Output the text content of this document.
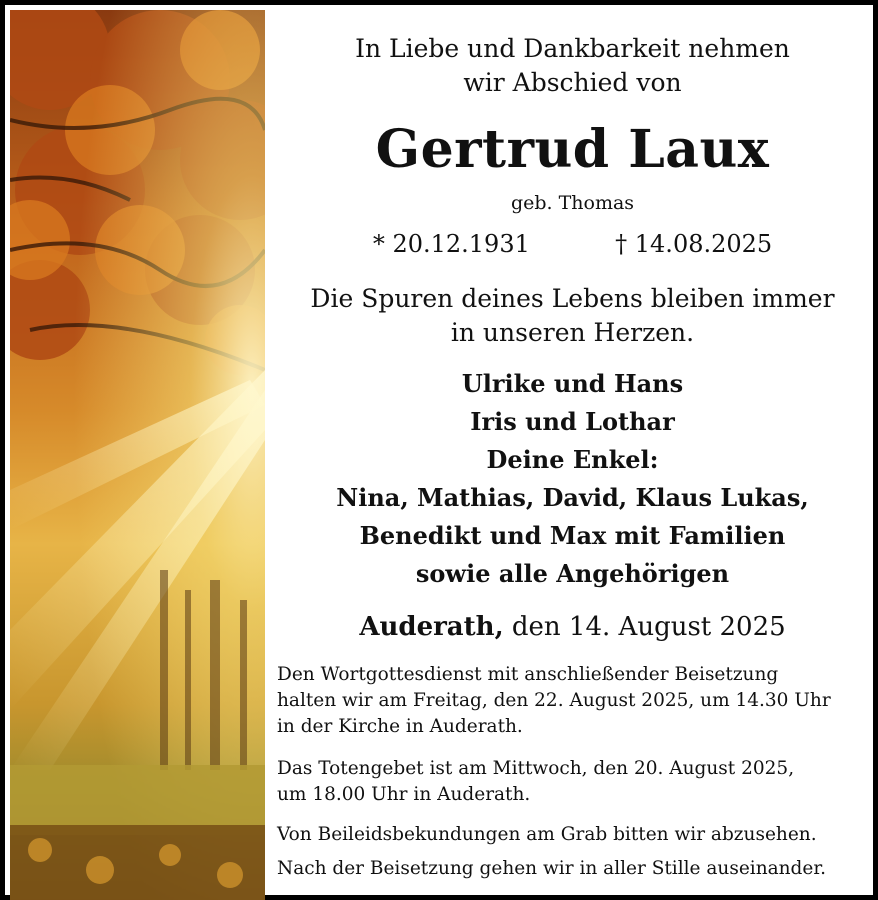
In Liebe und Dankbarkeit nehmen
wir Abschied von
Gertrud Laux
geb. Thomas
* 20.12.1931	† 14.08.2025
Die Spuren deines Lebens bleiben immer
in unseren Herzen.
Ulrike und Hans
Iris und Lothar
Deine Enkel:
Nina, Mathias, David, Klaus Lukas,
Benedikt und Max mit Familien
sowie alle Angehörigen
Auderath, den 14. August 2025
Den Wortgottesdienst mit anschließender Beisetzung
halten wir am Freitag, den 22. August 2025, um 14.30 Uhr
in der Kirche in Auderath.
Das Totengebet ist am Mittwoch, den 20. August 2025,
um 18.00 Uhr in Auderath.
Von Beileidsbekundungen am Grab bitten wir abzusehen.
Nach der Beisetzung gehen wir in aller Stille auseinander.
